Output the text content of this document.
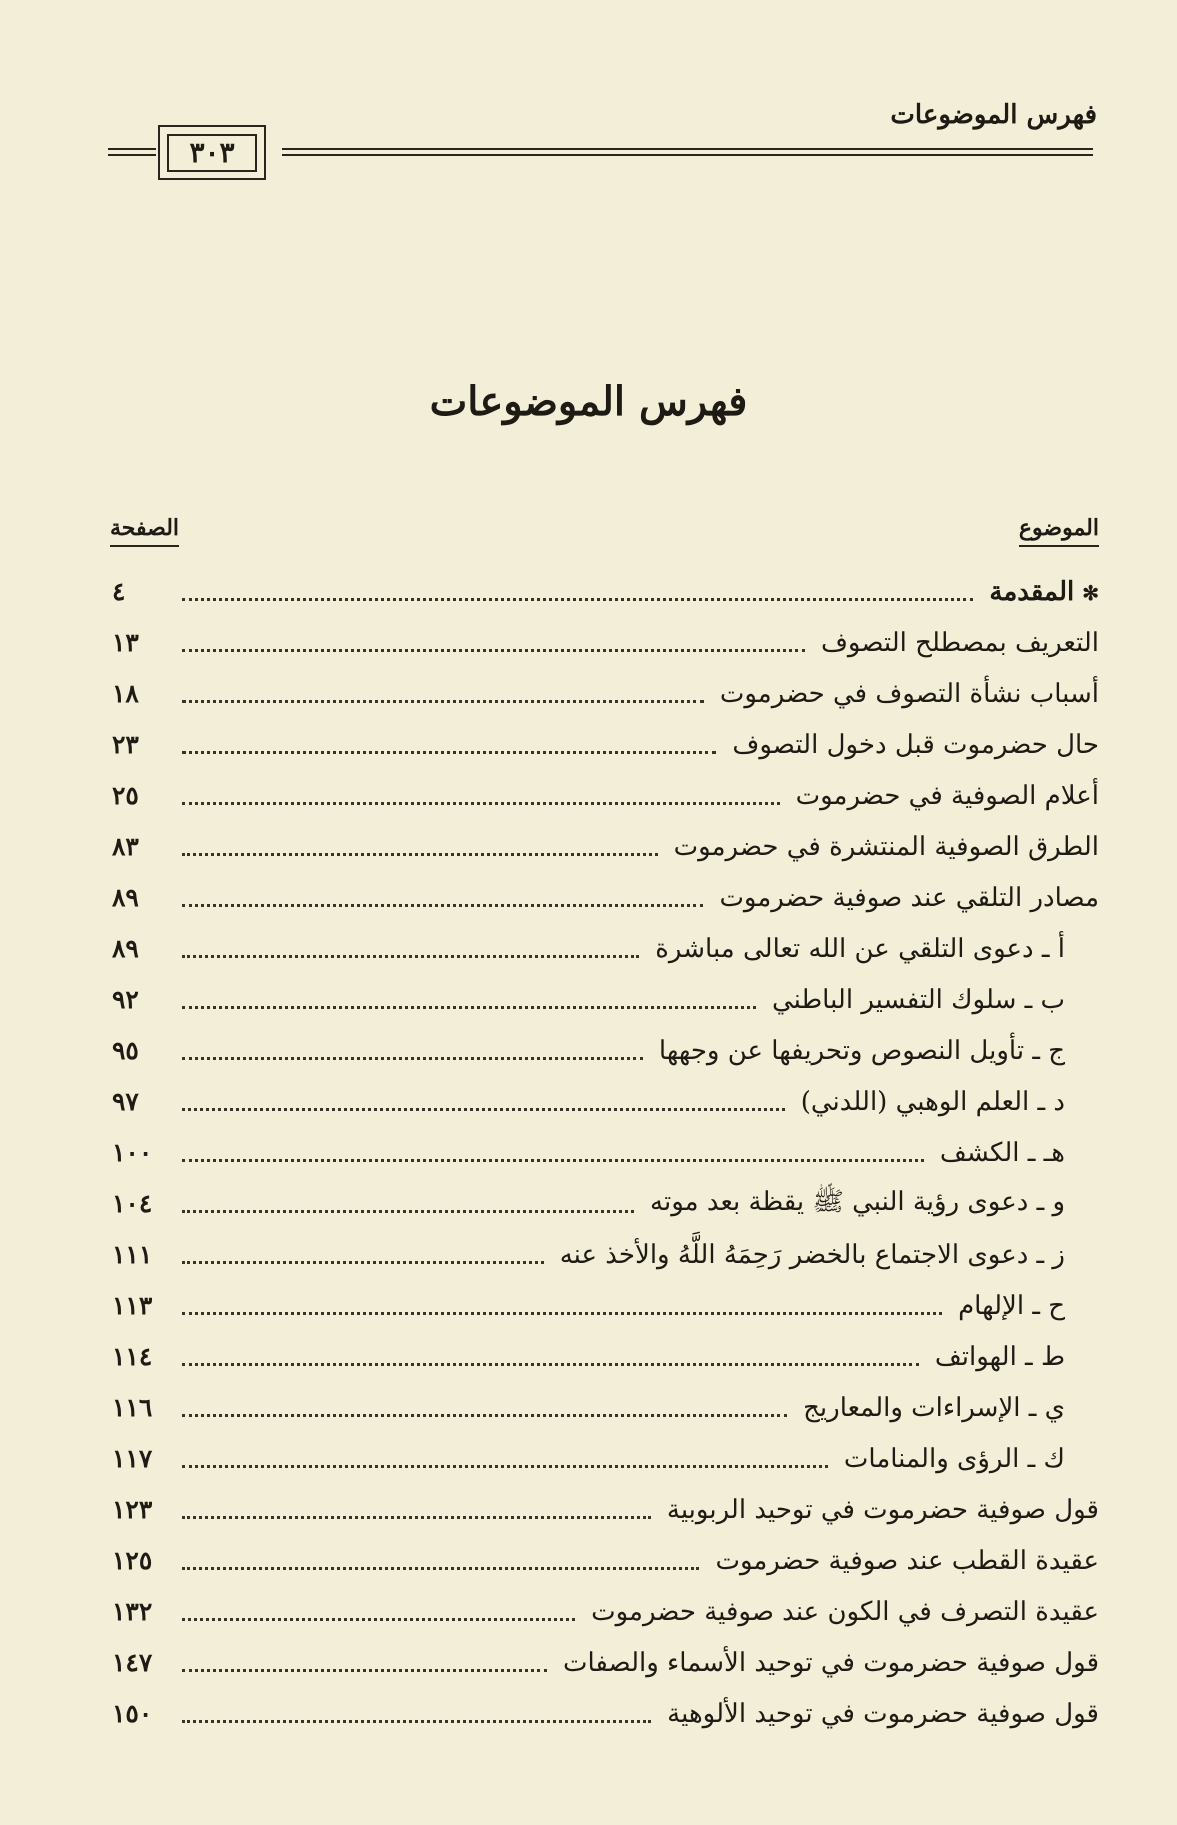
فهرس الموضوعات
٣٠٣
فهرس الموضوعات
الموضوع
الصفحة
✻المقدمة
٤
التعريف بمصطلح التصوف
١٣
أسباب نشأة التصوف في حضرموت
١٨
حال حضرموت قبل دخول التصوف
٢٣
أعلام الصوفية في حضرموت
٢٥
الطرق الصوفية المنتشرة في حضرموت
٨٣
مصادر التلقي عند صوفية حضرموت
٨٩
أ ـ دعوى التلقي عن الله تعالى مباشرة
٨٩
ب ـ سلوك التفسير الباطني
٩٢
ج ـ تأويل النصوص وتحريفها عن وجهها
٩٥
د ـ العلم الوهبي (اللدني)
٩٧
هـ ـ الكشف
١٠٠
و ـ دعوى رؤية النبي ﷺ يقظة بعد موته
١٠٤
ز ـ دعوى الاجتماع بالخضر رَحِمَهُ اللَّهُ والأخذ عنه
١١١
ح ـ الإلهام
١١٣
ط ـ الهواتف
١١٤
ي ـ الإسراءات والمعاريج
١١٦
ك ـ الرؤى والمنامات
١١٧
قول صوفية حضرموت في توحيد الربوبية
١٢٣
عقيدة القطب عند صوفية حضرموت
١٢٥
عقيدة التصرف في الكون عند صوفية حضرموت
١٣٢
قول صوفية حضرموت في توحيد الأسماء والصفات
١٤٧
قول صوفية حضرموت في توحيد الألوهية
١٥٠
